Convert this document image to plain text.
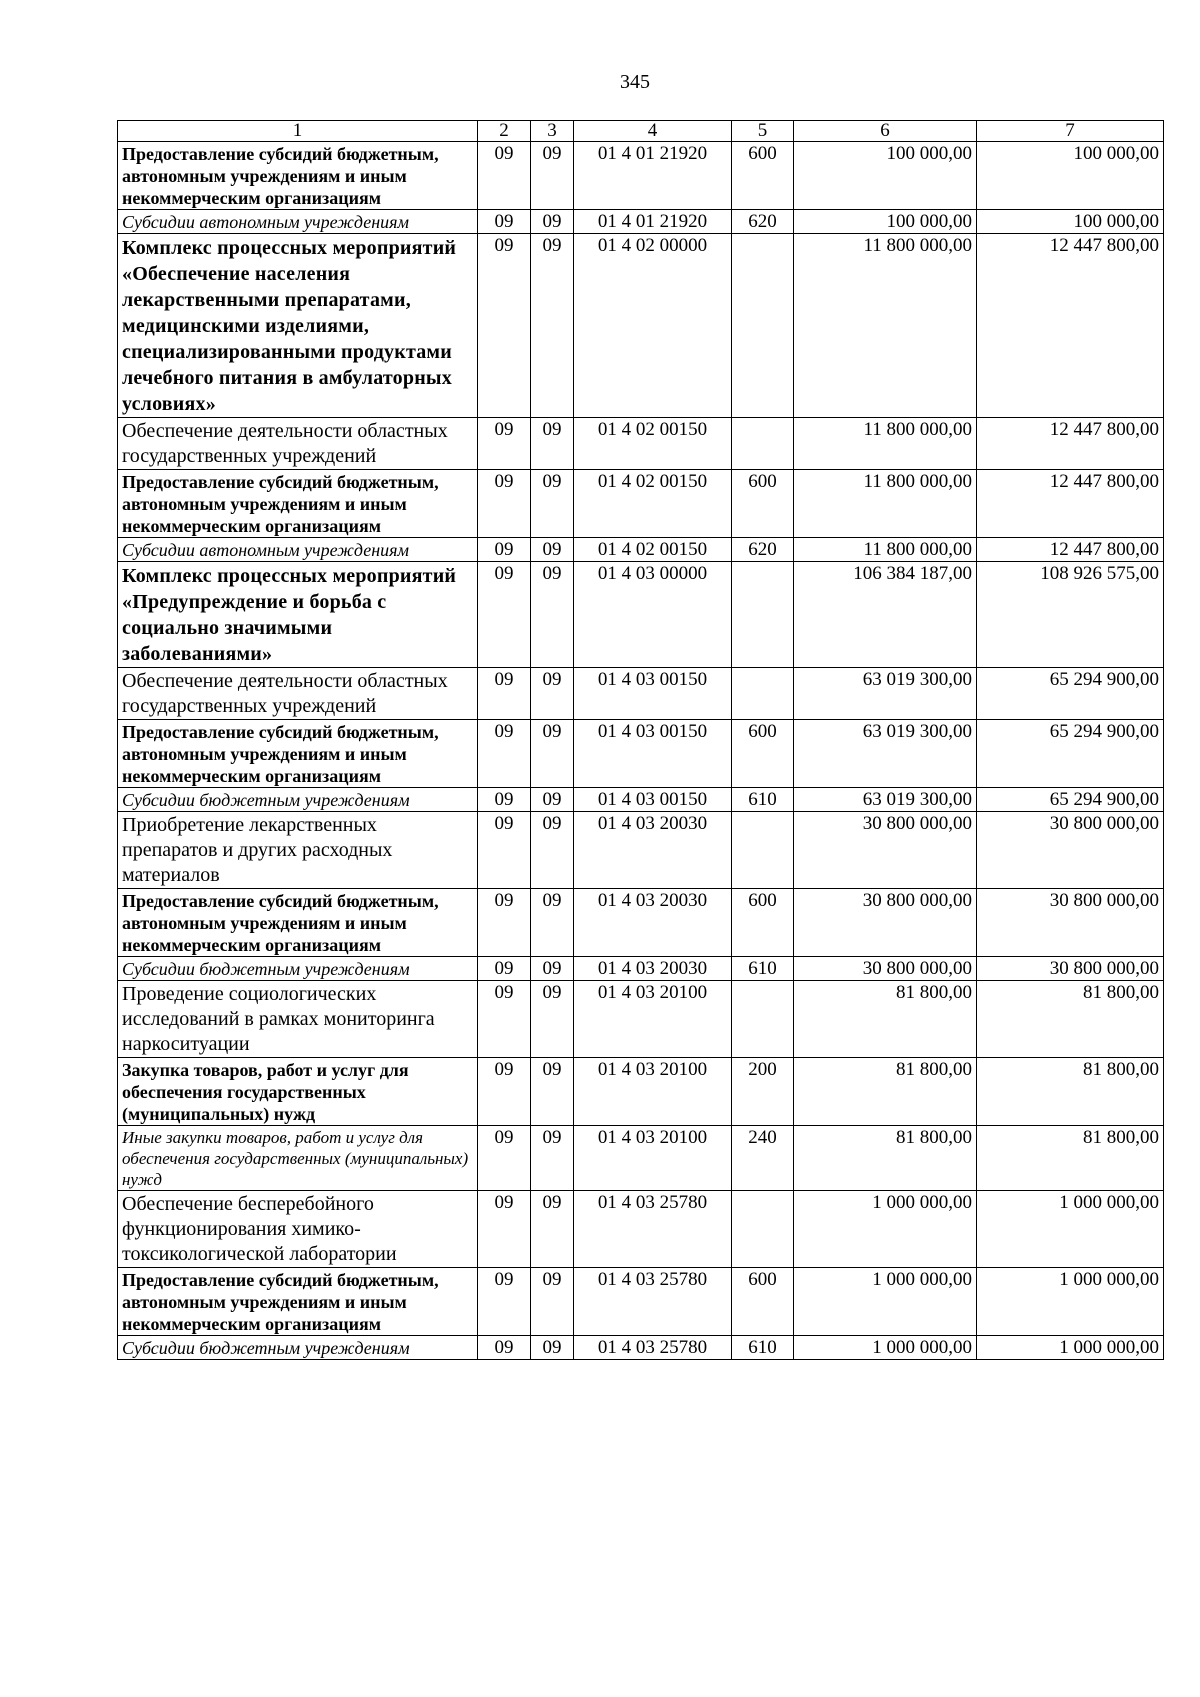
345
1	2	3	4	5	6	7
Предоставление субсидий бюджетным, автономным учреждениям и иным некоммерческим организациям	09	09	01 4 01 21920	600	100 000,00	100 000,00
Субсидии автономным учреждениям	09	09	01 4 01 21920	620	100 000,00	100 000,00
Комплекс процессных мероприятий «Обеспечение населения лекарственными препаратами, медицинскими изделиями, специализированными продуктами лечебного питания в амбулаторных условиях»	09	09	01 4 02 00000		11 800 000,00	12 447 800,00
Обеспечение деятельности областных государственных учреждений	09	09	01 4 02 00150		11 800 000,00	12 447 800,00
Предоставление субсидий бюджетным, автономным учреждениям и иным некоммерческим организациям	09	09	01 4 02 00150	600	11 800 000,00	12 447 800,00
Субсидии автономным учреждениям	09	09	01 4 02 00150	620	11 800 000,00	12 447 800,00
Комплекс процессных мероприятий «Предупреждение и борьба с социально значимыми заболеваниями»	09	09	01 4 03 00000		106 384 187,00	108 926 575,00
Обеспечение деятельности областных государственных учреждений	09	09	01 4 03 00150		63 019 300,00	65 294 900,00
Предоставление субсидий бюджетным, автономным учреждениям и иным некоммерческим организациям	09	09	01 4 03 00150	600	63 019 300,00	65 294 900,00
Субсидии бюджетным учреждениям	09	09	01 4 03 00150	610	63 019 300,00	65 294 900,00
Приобретение лекарственных препаратов и других расходных материалов	09	09	01 4 03 20030		30 800 000,00	30 800 000,00
Предоставление субсидий бюджетным, автономным учреждениям и иным некоммерческим организациям	09	09	01 4 03 20030	600	30 800 000,00	30 800 000,00
Субсидии бюджетным учреждениям	09	09	01 4 03 20030	610	30 800 000,00	30 800 000,00
Проведение социологических исследований в рамках мониторинга наркоситуации	09	09	01 4 03 20100		81 800,00	81 800,00
Закупка товаров, работ и услуг для обеспечения государственных (муниципальных) нужд	09	09	01 4 03 20100	200	81 800,00	81 800,00
Иные закупки товаров, работ и услуг для обеспечения государственных (муниципальных) нужд	09	09	01 4 03 20100	240	81 800,00	81 800,00
Обеспечение бесперебойного функционирования химико-токсикологической лаборатории	09	09	01 4 03 25780		1 000 000,00	1 000 000,00
Предоставление субсидий бюджетным, автономным учреждениям и иным некоммерческим организациям	09	09	01 4 03 25780	600	1 000 000,00	1 000 000,00
Субсидии бюджетным учреждениям	09	09	01 4 03 25780	610	1 000 000,00	1 000 000,00
